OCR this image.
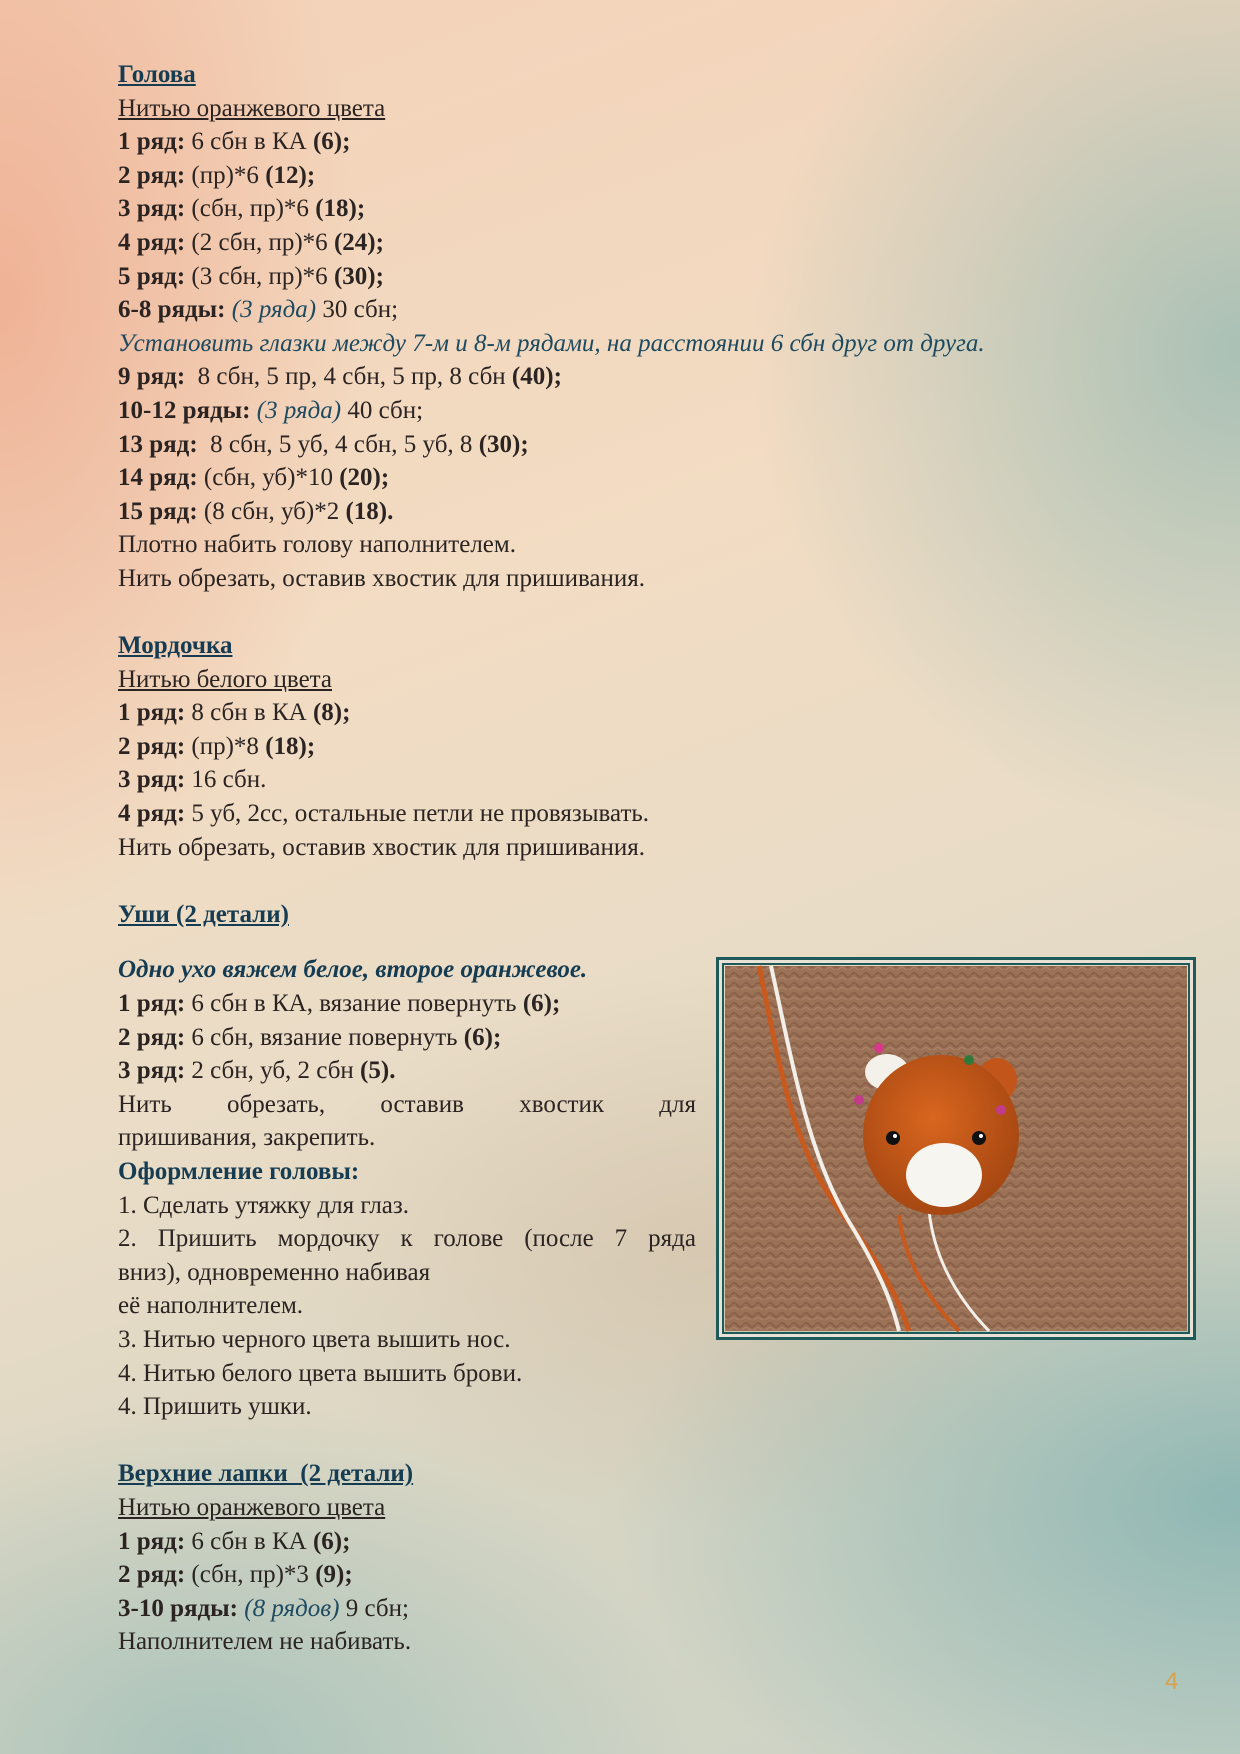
Голова
Нитью оранжевого цвета
1 ряд: 6 сбн в КА (6);
2 ряд: (пр)*6 (12);
3 ряд: (сбн, пр)*6 (18);
4 ряд: (2 сбн, пр)*6 (24);
5 ряд: (3 сбн, пр)*6 (30);
6-8 ряды: (3 ряда) 30 сбн;
Установить глазки между 7-м и 8-м рядами, на расстоянии 6 сбн друг от друга.
9 ряд:  8 сбн, 5 пр, 4 сбн, 5 пр, 8 сбн (40);
10-12 ряды: (3 ряда) 40 сбн;
13 ряд:  8 сбн, 5 уб, 4 сбн, 5 уб, 8 (30);
14 ряд: (сбн, уб)*10 (20);
15 ряд: (8 сбн, уб)*2 (18).
Плотно набить голову наполнителем.
Нить обрезать, оставив хвостик для пришивания.
Мордочка
Нитью белого цвета
1 ряд: 8 сбн в КА (8);
2 ряд: (пр)*8 (18);
3 ряд: 16 сбн.
4 ряд: 5 уб, 2сс, остальные петли не провязывать.
Нить обрезать, оставив хвостик для пришивания.
Уши (2 детали)
Одно ухо вяжем белое, второе оранжевое.
1 ряд: 6 сбн в КА, вязание повернуть (6);
2 ряд: 6 сбн, вязание повернуть (6);
3 ряд: 2 сбн, уб, 2 сбн (5).
Нить обрезать, оставив хвостик для
пришивания, закрепить.
Оформление головы:
1. Сделать утяжку для глаз.
2. Пришить мордочку к голове (после 7 ряда
вниз), одновременно набивая
её наполнителем.
3. Нитью черного цвета вышить нос.
4. Нитью белого цвета вышить брови.
4. Пришить ушки.
Верхние лапки  (2 детали)
Нитью оранжевого цвета
1 ряд: 6 сбн в КА (6);
2 ряд: (сбн, пр)*3 (9);
3-10 ряды: (8 рядов) 9 сбн;
Наполнителем не набивать.
4
